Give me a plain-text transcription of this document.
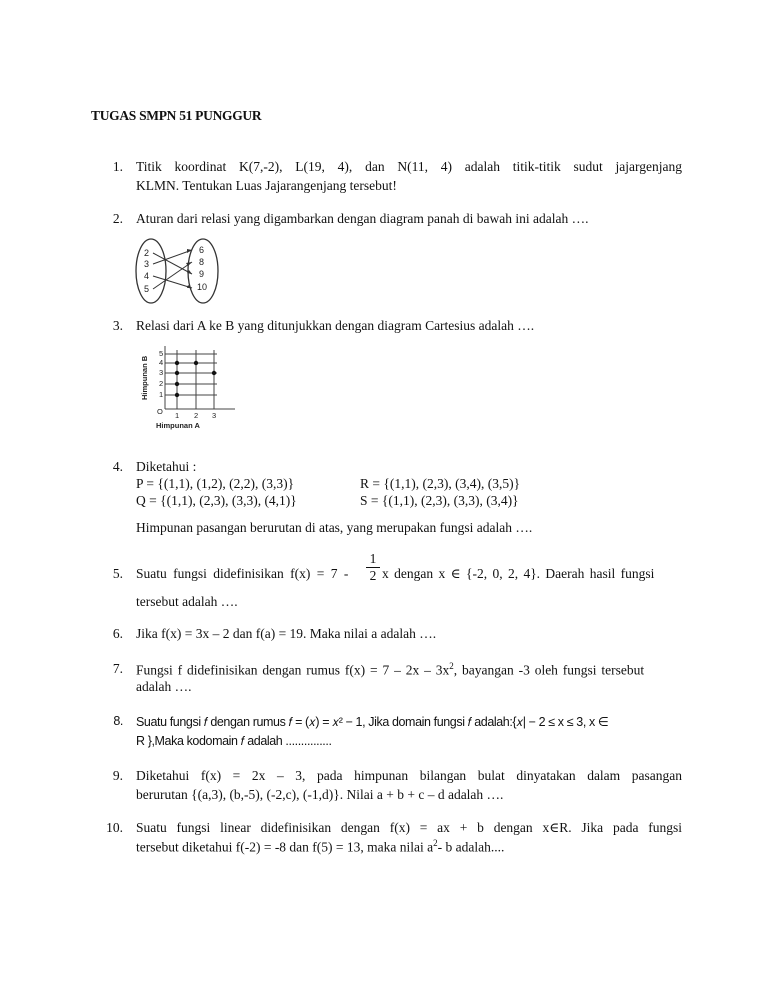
TUGAS SMPN 51 PUNGGUR
1. Titik koordinat K(7,-2), L(19, 4), dan N(11, 4) adalah titik-titik sudut jajargenjang
KLMN. Tentukan Luas Jajarangenjang tersebut!
2. Aturan dari relasi yang digambarkan dengan diagram panah di bawah ini adalah ….
2
3
4
5
6
8
9
10
3. Relasi dari A ke B yang ditunjukkan dengan diagram Cartesius adalah ….
5
4
3
2
1
1 2 3
O
Himpunan A
Himpunan B
4. Diketahui :
P = {(1,1), (1,2), (2,2), (3,3)}	R = {(1,1), (2,3), (3,4), (3,5)}
Q = {(1,1), (2,3), (3,3), (4,1)}	S = {(1,1), (2,3), (3,3), (3,4)}
Himpunan pasangan berurutan di atas, yang merupakan fungsi adalah ….
5. Suatu fungsi didefinisikan f(x) = 7 -
1
2 x dengan x ∈ {-2, 0, 2, 4}. Daerah hasil fungsi
tersebut adalah ….
6. Jika f(x) = 3x – 2 dan f(a) = 19. Maka nilai a adalah ….
7. Fungsi f didefinisikan dengan rumus $f(x) = 7 - 2x - 3x^2$, bayangan -3 oleh fungsi tersebut
adalah ….
8. Suatu fungsi 𝑓 dengan rumus 𝑓 = (𝑥) = 𝑥² − 1, Jika domain fungsi 𝑓 adalah:{𝑥| − 2 ≤ x ≤ 3, x ∈
R },Maka kodomain 𝑓 adalah ...............
9. Diketahui f(x) = 2x – 3, pada himpunan bilangan bulat dinyatakan dalam pasangan
berurutan {(a,3), (b,-5), (-2,c), (-1,d)}. Nilai a + b + c – d adalah ….
10. Suatu fungsi linear didefinisikan dengan f(x) = ax + b dengan x∈R. Jika pada fungsi
tersebut diketahui f(-2) = -8 dan f(5) = 13, maka nilai $a^2-$ b adalah....
